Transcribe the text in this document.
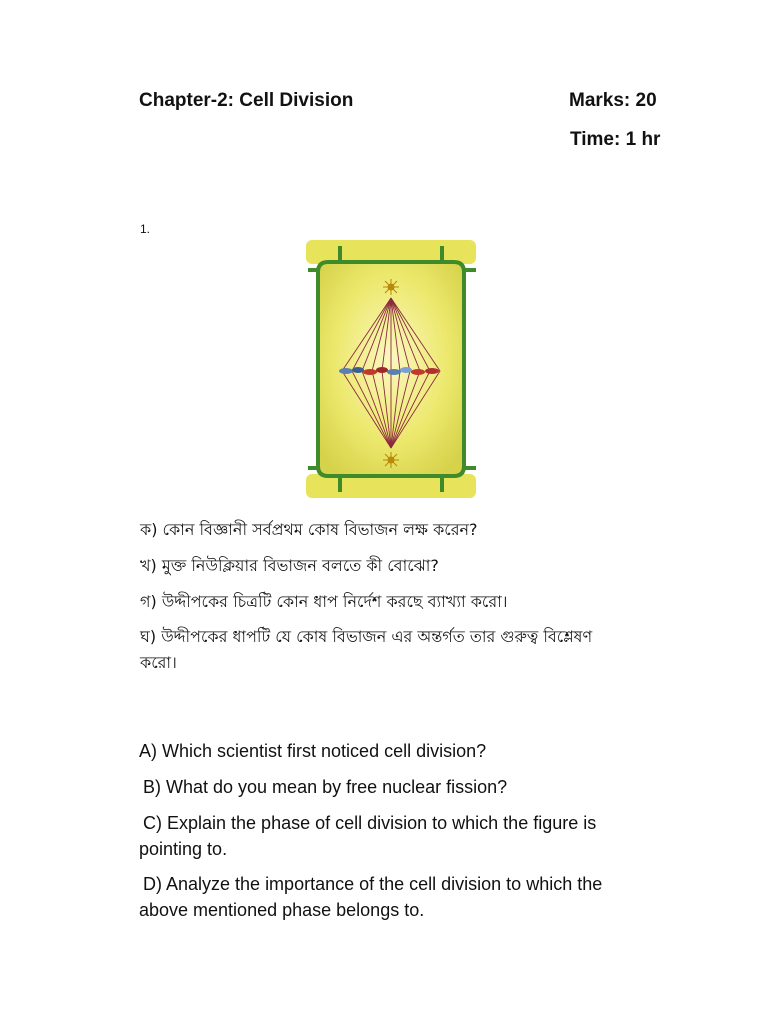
Chapter-2: Cell Division	Marks: 20
Time: 1 hr
1.
ক) কোন বিজ্ঞানী সর্বপ্রথম কোষ বিভাজন লক্ষ করেন?
খ) মুক্ত নিউক্লিয়ার বিভাজন বলতে কী বোঝো?
গ) উদ্দীপকের চিত্রটি কোন ধাপ নির্দেশ করছে ব্যাখ্যা করো।
ঘ) উদ্দীপকের ধাপটি যে কোষ বিভাজন এর অন্তর্গত তার গুরুত্ব বিশ্লেষণ
করো।
A) Which scientist first noticed cell division?
B) What do you mean by free nuclear fission?
C) Explain the phase of cell division to which the figure is
pointing to.
D) Analyze the importance of the cell division to which the
above mentioned phase belongs to.
